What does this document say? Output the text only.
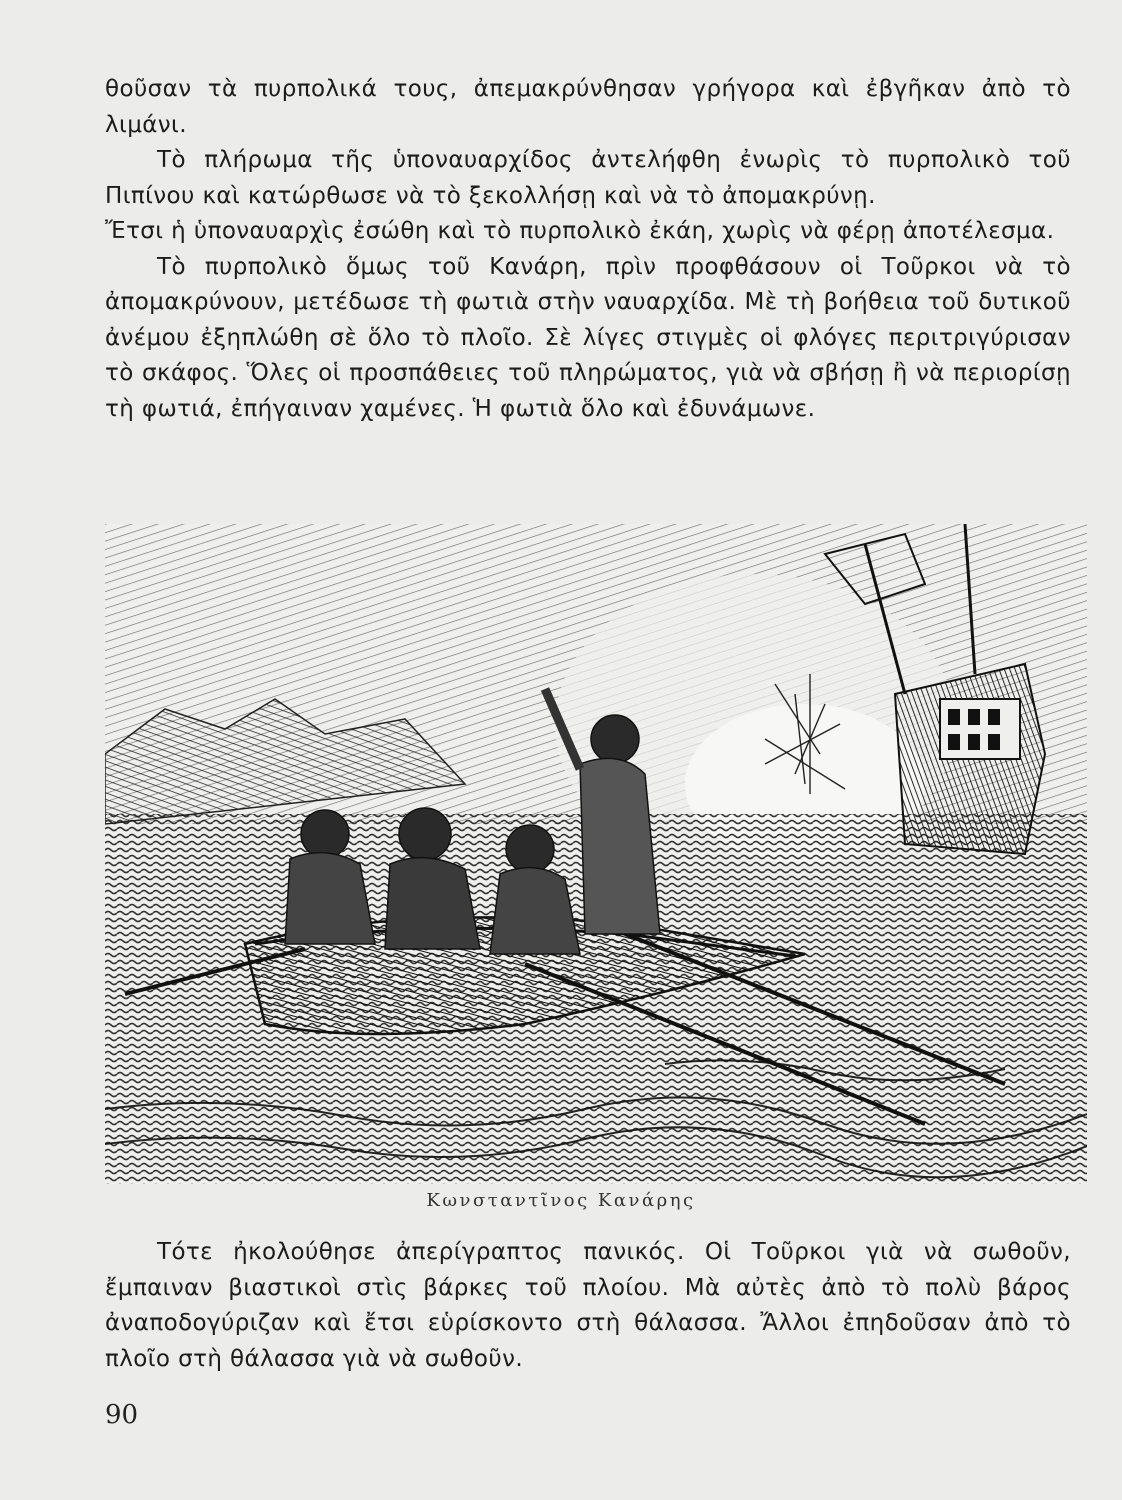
θοῦσαν τὰ πυρπολικά τους, ἀπεμακρύνθησαν γρήγορα καὶ ἐβγῆκαν ἀπὸ τὸ λιμάνι.

Τὸ πλήρωμα τῆς ὑποναυαρχίδος ἀντελήφθη ἐνωρὶς τὸ πυρπολικὸ τοῦ Πιπίνου καὶ κατώρθωσε νὰ τὸ ξεκολλήσῃ καὶ νὰ τὸ ἀπομακρύνῃ.

Ἔτσι ἡ ὑποναυαρχὶς ἐσώθη καὶ τὸ πυρπολικὸ ἐκάη, χωρὶς νὰ φέρῃ ἀποτέλεσμα.

Τὸ πυρπολικὸ ὅμως τοῦ Κανάρη, πρὶν προφθάσουν οἱ Τοῦρκοι νὰ τὸ ἀπομακρύνουν, μετέδωσε τὴ φωτιὰ στὴν ναυαρχίδα. Μὲ τὴ βοήθεια τοῦ δυτικοῦ ἀνέμου ἐξηπλώθη σὲ ὅλο τὸ πλοῖο. Σὲ λίγες στιγμὲς οἱ φλόγες περιτριγύρισαν τὸ σκάφος. Ὅλες οἱ προσπάθειες τοῦ πληρώματος, γιὰ νὰ σβήσῃ ἢ νὰ περιορίσῃ τὴ φωτιά, ἐπήγαιναν χαμένες. Ἡ φωτιὰ ὅλο καὶ ἐδυνάμωνε.

Κωνσταντῖνος Κανάρης

Τότε ἠκολούθησε ἀπερίγραπτος πανικός. Οἱ Τοῦρκοι γιὰ νὰ σωθοῦν, ἔμπαιναν βιαστικοὶ στὶς βάρκες τοῦ πλοίου. Μὰ αὐτὲς ἀπὸ τὸ πολὺ βάρος ἀναποδογύριζαν καὶ ἔτσι εὑρίσκοντο στὴ θάλασσα. Ἄλλοι ἐπηδοῦσαν ἀπὸ τὸ πλοῖο στὴ θάλασσα γιὰ νὰ σωθοῦν.

90
